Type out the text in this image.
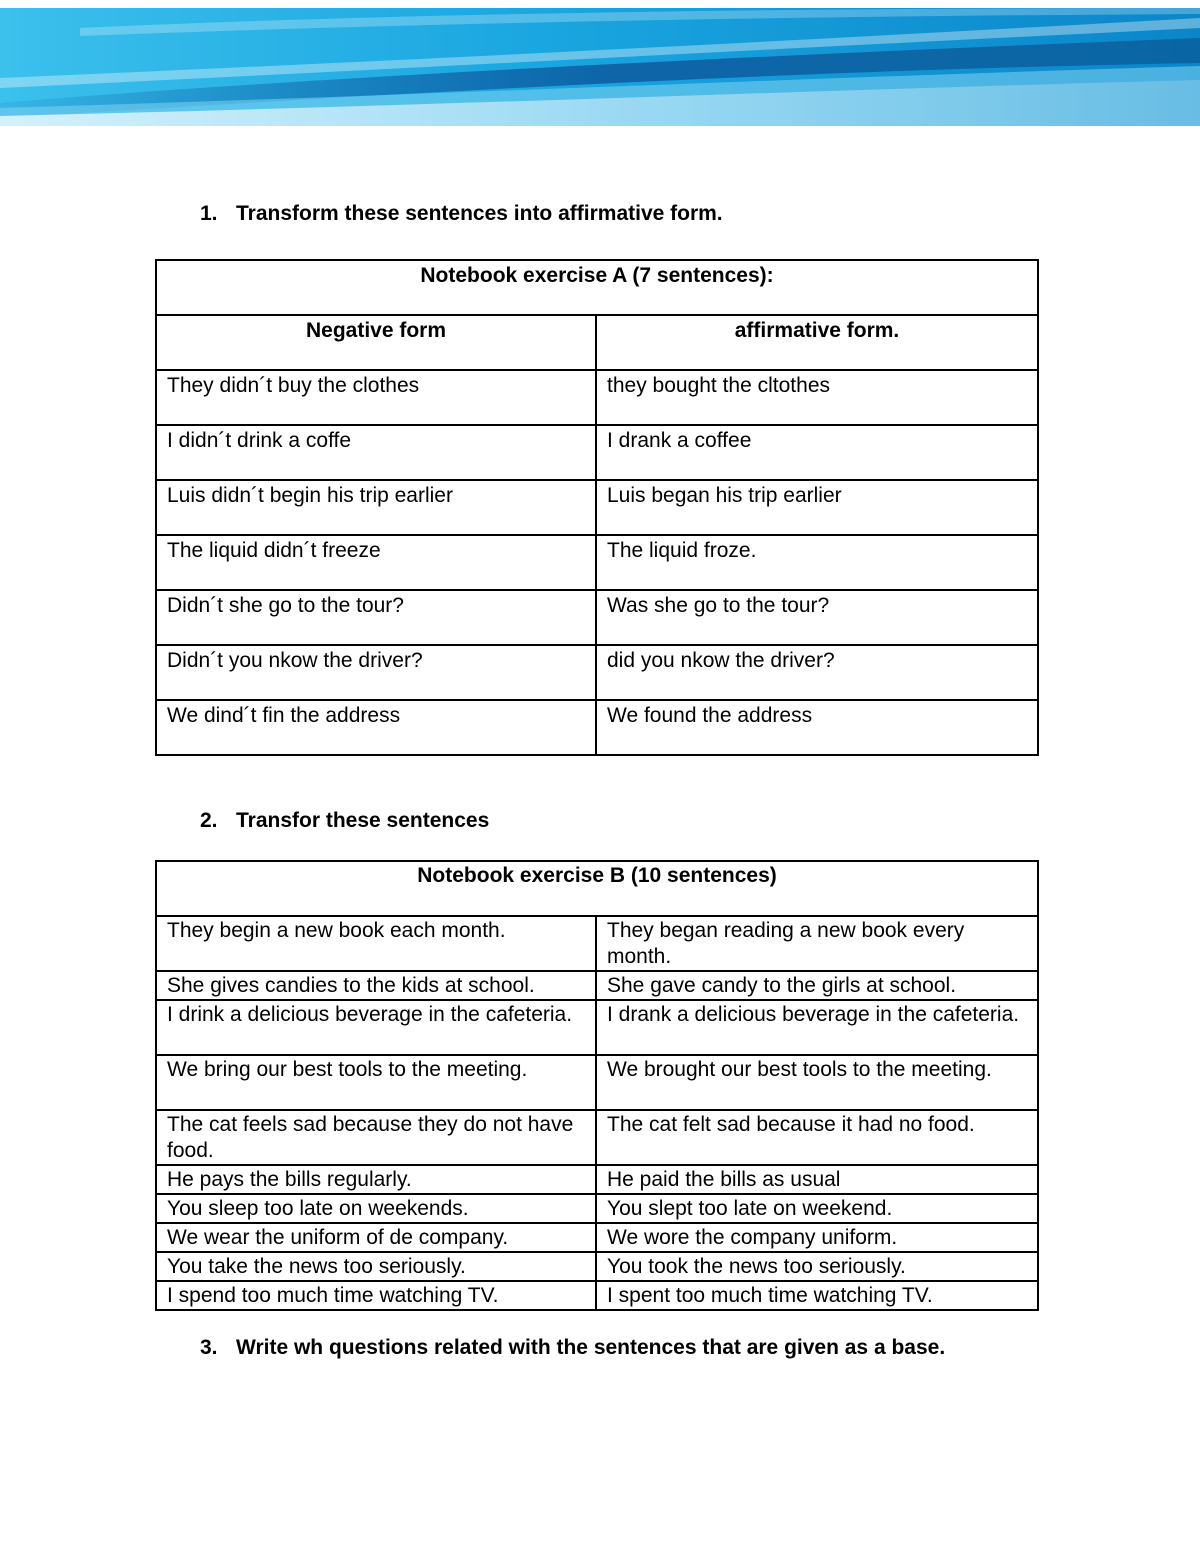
1. Transform these sentences into affirmative form.
Notebook exercise A (7 sentences):	
Negative form	affirmative form.
They didn´t buy the clothes	they bought the cltothes
I didn´t drink a coffe	I drank a coffee
Luis didn´t begin his trip earlier	Luis began his trip earlier
The liquid didn´t freeze	The liquid froze.
Didn´t she go to the tour?	Was she go to the tour?
Didn´t you nkow the driver?	did you nkow the driver?
We dind´t fin the address	We found the address
2. Transfor these sentences
Notebook exercise B (10 sentences)	
They begin a new book each month.	They began reading a new book every month.
She gives candies to the kids at school.	She gave candy to the girls at school.
I drink a delicious beverage in the cafeteria.	I drank a delicious beverage in the cafeteria.
We bring our best tools to the meeting.	We brought our best tools to the meeting.
The cat feels sad because they do not have food.	The cat felt sad because it had no food.
He pays the bills regularly.	He paid the bills as usual
You sleep too late on weekends.	You slept too late on weekend.
We wear the uniform of de company.	We wore the company uniform.
You take the news too seriously.	You took the news too seriously.
I spend too much time watching TV.	I spent too much time watching TV.
3. Write wh questions related with the sentences that are given as a base.
